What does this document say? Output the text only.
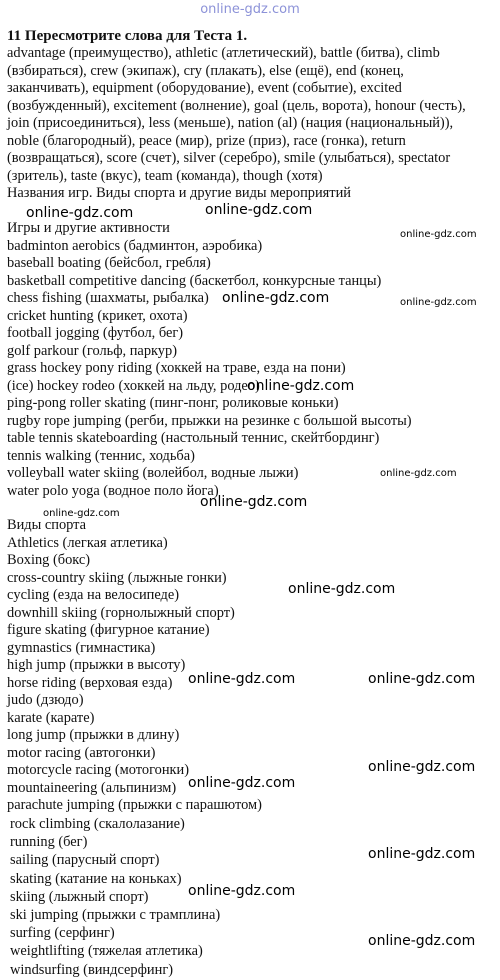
online-gdz.com
11 Пересмотрите слова для Теста 1.
advantage (преимущество), athletic (атлетический), battle (битва), climb
(взбираться), crew (экипаж), cry (плакать), else (ещё), end (конец,
заканчивать), equipment (оборудование), event (событие), excited
(возбужденный), excitement (волнение), goal (цель, ворота), honour (честь),
join (присоединиться), less (меньше), nation (al) (нация (национальный)),
noble (благородный), peace (мир), prize (приз), race (гонка), return
(возвращаться), score (счет), silver (серебро), smile (улыбаться), spectator
(зритель), taste (вкус), team (команда), though (хотя)
Названия игр. Виды спорта и другие виды мероприятий

Игры и другие активности
badminton aerobics (бадминтон, аэробика)
baseball boating (бейсбол, гребля)
basketball competitive dancing (баскетбол, конкурсные танцы)
chess fishing (шахматы, рыбалка)
cricket hunting (крикет, охота)
football jogging (футбол, бег)
golf parkour (гольф, паркур)
grass hockey pony riding (хоккей на траве, езда на пони)
(ice) hockey rodeo (хоккей на льду, родео)
ping-pong roller skating (пинг-понг, роликовые коньки)
rugby rope jumping (регби, прыжки на резинке с большой высоты)
table tennis skateboarding (настольный теннис, скейтбординг)
tennis walking (теннис, ходьба)
volleyball water skiing (волейбол, водные лыжи)
water polo yoga (водное поло йога)
Виды спорта
Athletics (легкая атлетика)
Boxing (бокс)
cross-country skiing (лыжные гонки)
cycling (езда на велосипеде)
downhill skiing (горнолыжный спорт)
figure skating (фигурное катание)
gymnastics (гимнастика)
high jump (прыжки в высоту)
horse riding (верховая езда)
judo (дзюдо)
karate (карате)
long jump (прыжки в длину)
motor racing (автогонки)
motorcycle racing (мотогонки)
mountaineering (альпинизм)
parachute jumping (прыжки с парашютом)
rock climbing (скалолазание)
running (бег)
sailing (парусный спорт)
skating (катание на коньках)
skiing (лыжный спорт)
ski jumping (прыжки с трамплина)
surfing (серфинг)
weightlifting (тяжелая атлетика)
windsurfing (виндсерфинг)
online-gdz.com	online-gdz.com
online-gdz.com
online-gdz.com	online-gdz.com
online-gdz.com
online-gdz.com
online-gdz.com
online-gdz.com
online-gdz.com
online-gdz.com	online-gdz.com
online-gdz.com
online-gdz.com
online-gdz.com
online-gdz.com
online-gdz.com
